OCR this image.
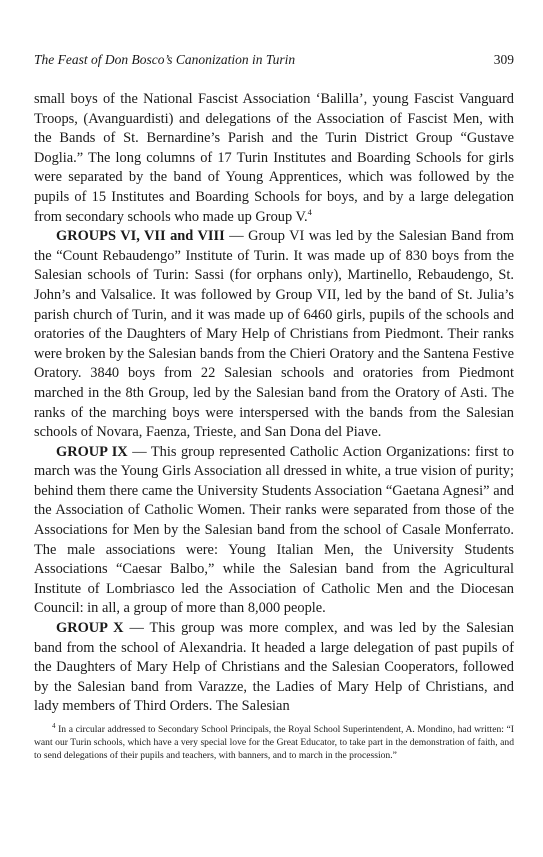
The Feast of Don Bosco’s Canonization in Turin	309

small boys of the National Fascist Association ‘Balilla’, young Fascist Vanguard Troops, (Avanguardisti) and delegations of the Association of Fascist Men, with the Bands of St. Bernardine’s Parish and the Turin District Group “Gustave Doglia.” The long columns of 17 Turin Institutes and Boarding Schools for girls were separated by the band of Young Apprentices, which was followed by the pupils of 15 Institutes and Boarding Schools for boys, and by a large delegation from secondary schools who made up Group V.$^4$

GROUPS VI, VII and VIII — Group VI was led by the Salesian Band from the “Count Rebaudengo” Institute of Turin. It was made up of 830 boys from the Salesian schools of Turin: Sassi (for orphans only), Martinello, Rebaudengo, St. John’s and Valsalice. It was followed by Group VII, led by the band of St. Julia’s parish church of Turin, and it was made up of 6460 girls, pupils of the schools and oratories of the Daughters of Mary Help of Christians from Piedmont. Their ranks were broken by the Salesian bands from the Chieri Oratory and the Santena Festive Oratory. 3840 boys from 22 Salesian schools and oratories from Piedmont marched in the 8th Group, led by the Salesian band from the Oratory of Asti. The ranks of the marching boys were interspersed with the bands from the Salesian schools of Novara, Faenza, Trieste, and San Dona del Piave.

GROUP IX — This group represented Catholic Action Organizations: first to march was the Young Girls Association all dressed in white, a true vision of purity; behind them there came the University Students Association “Gaetana Agnesi” and the Association of Catholic Women. Their ranks were separated from those of the Associations for Men by the Salesian band from the school of Casale Monferrato. The male associations were: Young Italian Men, the University Students Associations “Caesar Balbo,” while the Salesian band from the Agricultural Institute of Lombriasco led the Association of Catholic Men and the Diocesan Council: in all, a group of more than 8,000 people.

GROUP X — This group was more complex, and was led by the Salesian band from the school of Alexandria. It headed a large delegation of past pupils of the Daughters of Mary Help of Christians and the Salesian Cooperators, followed by the Salesian band from Varazze, the Ladies of Mary Help of Christians, and lady members of Third Orders. The Salesian

$^4$ In a circular addressed to Secondary School Principals, the Royal School Superintendent, A. Mondino, had written: “I want our Turin schools, which have a very special love for the Great Educator, to take part in the demonstration of faith, and to send delegations of their pupils and teachers, with banners, and to march in the procession.”
